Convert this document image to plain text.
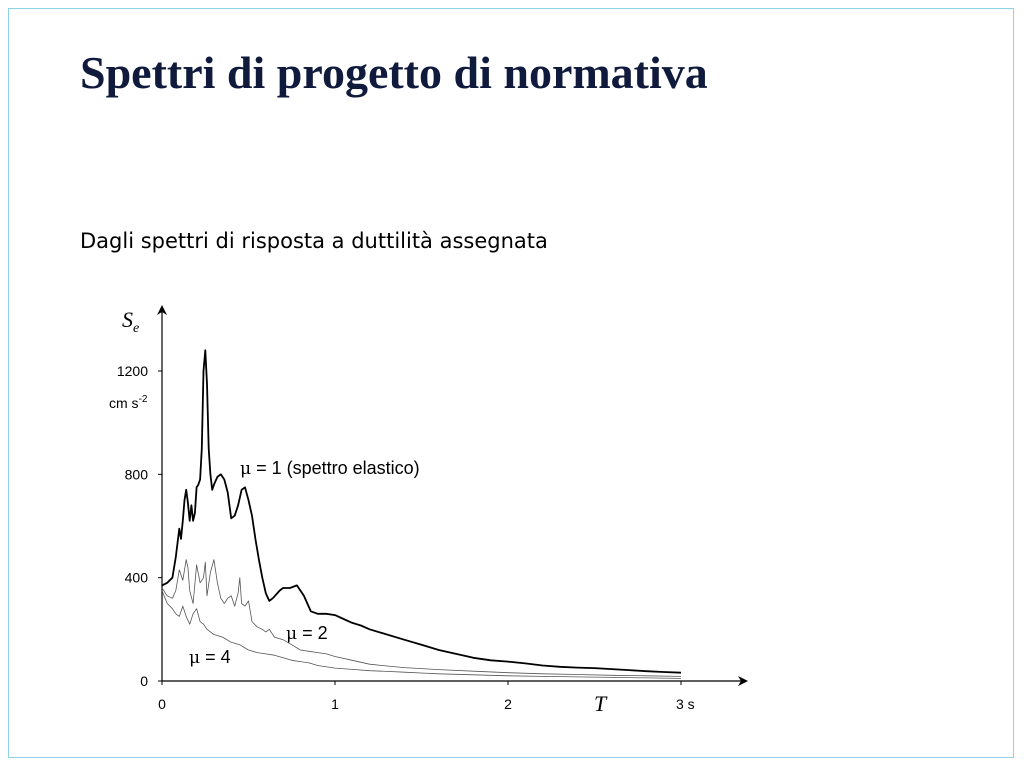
Spettri di progetto di normativa
Dagli spettri di risposta a duttilità assegnata
0
400
800
1200
cm $s^{-2}$
$S_e$
0	1	2	3 s
T
μ = 1 (spettro elastico)
μ = 2
μ = 4
